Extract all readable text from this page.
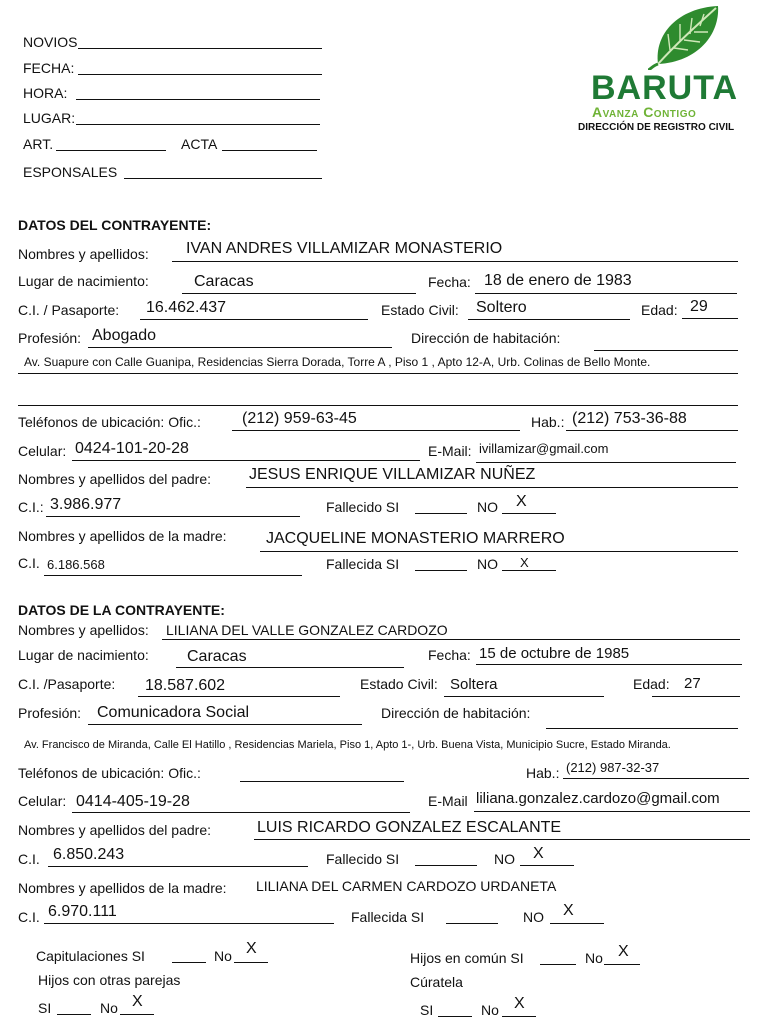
BARUTA
Avanza Contigo
DIRECCIÓN DE REGISTRO CIVIL
NOVIOS
FECHA:
HORA:
LUGAR:
ART.	ACTA
ESPONSALES
DATOS DEL CONTRAYENTE:
Nombres y apellidos: IVAN ANDRES VILLAMIZAR MONASTERIO
Lugar de nacimiento:	Caracas	Fecha: 18 de enero de 1983
C.I. / Pasaporte: 16.462.437	Estado Civil: Soltero	Edad: 29
Profesión: Abogado	Dirección de habitación:
Av. Suapure con Calle Guanipa, Residencias Sierra Dorada, Torre A , Piso 1 , Apto 12-A, Urb. Colinas de Bello Monte.
Teléfonos de ubicación: Ofic.:	(212) 959-63-45	Hab.: (212) 753-36-88
Celular: 0424-101-20-28	E-Mail: ivillamizar@gmail.com
Nombres y apellidos del padre: JESUS ENRIQUE VILLAMIZAR NUÑEZ
C.I.: 3.986.977	Fallecido SI	NO X
Nombres y apellidos de la madre: JACQUELINE MONASTERIO MARRERO
C.I. 6.186.568	Fallecida SI	NO X
DATOS DE LA CONTRAYENTE:
Nombres y apellidos: LILIANA DEL VALLE GONZALEZ CARDOZO
Lugar de nacimiento: Caracas	Fecha: 15 de octubre de 1985
C.I. /Pasaporte: 18.587.602	Estado Civil: Soltera	Edad: 27
Profesión: Comunicadora Social	Dirección de habitación:
Av. Francisco de Miranda, Calle El Hatillo , Residencias Mariela, Piso 1, Apto 1-, Urb. Buena Vista, Municipio Sucre, Estado Miranda.
Teléfonos de ubicación: Ofic.:	Hab.: (212) 987-32-37
Celular: 0414-405-19-28	E-Mail liliana.gonzalez.cardozo@gmail.com
Nombres y apellidos del padre:	LUIS RICARDO GONZALEZ ESCALANTE
C.I. 6.850.243	Fallecido SI	NO X
Nombres y apellidos de la madre: LILIANA DEL CARMEN CARDOZO URDANETA
C.I. 6.970.111	Fallecida SI	NO X
Capitulaciones SI	No X
Hijos con otras parejas
SI	No X
Hijos en común SI	No X
Cúratela
SI	No X
